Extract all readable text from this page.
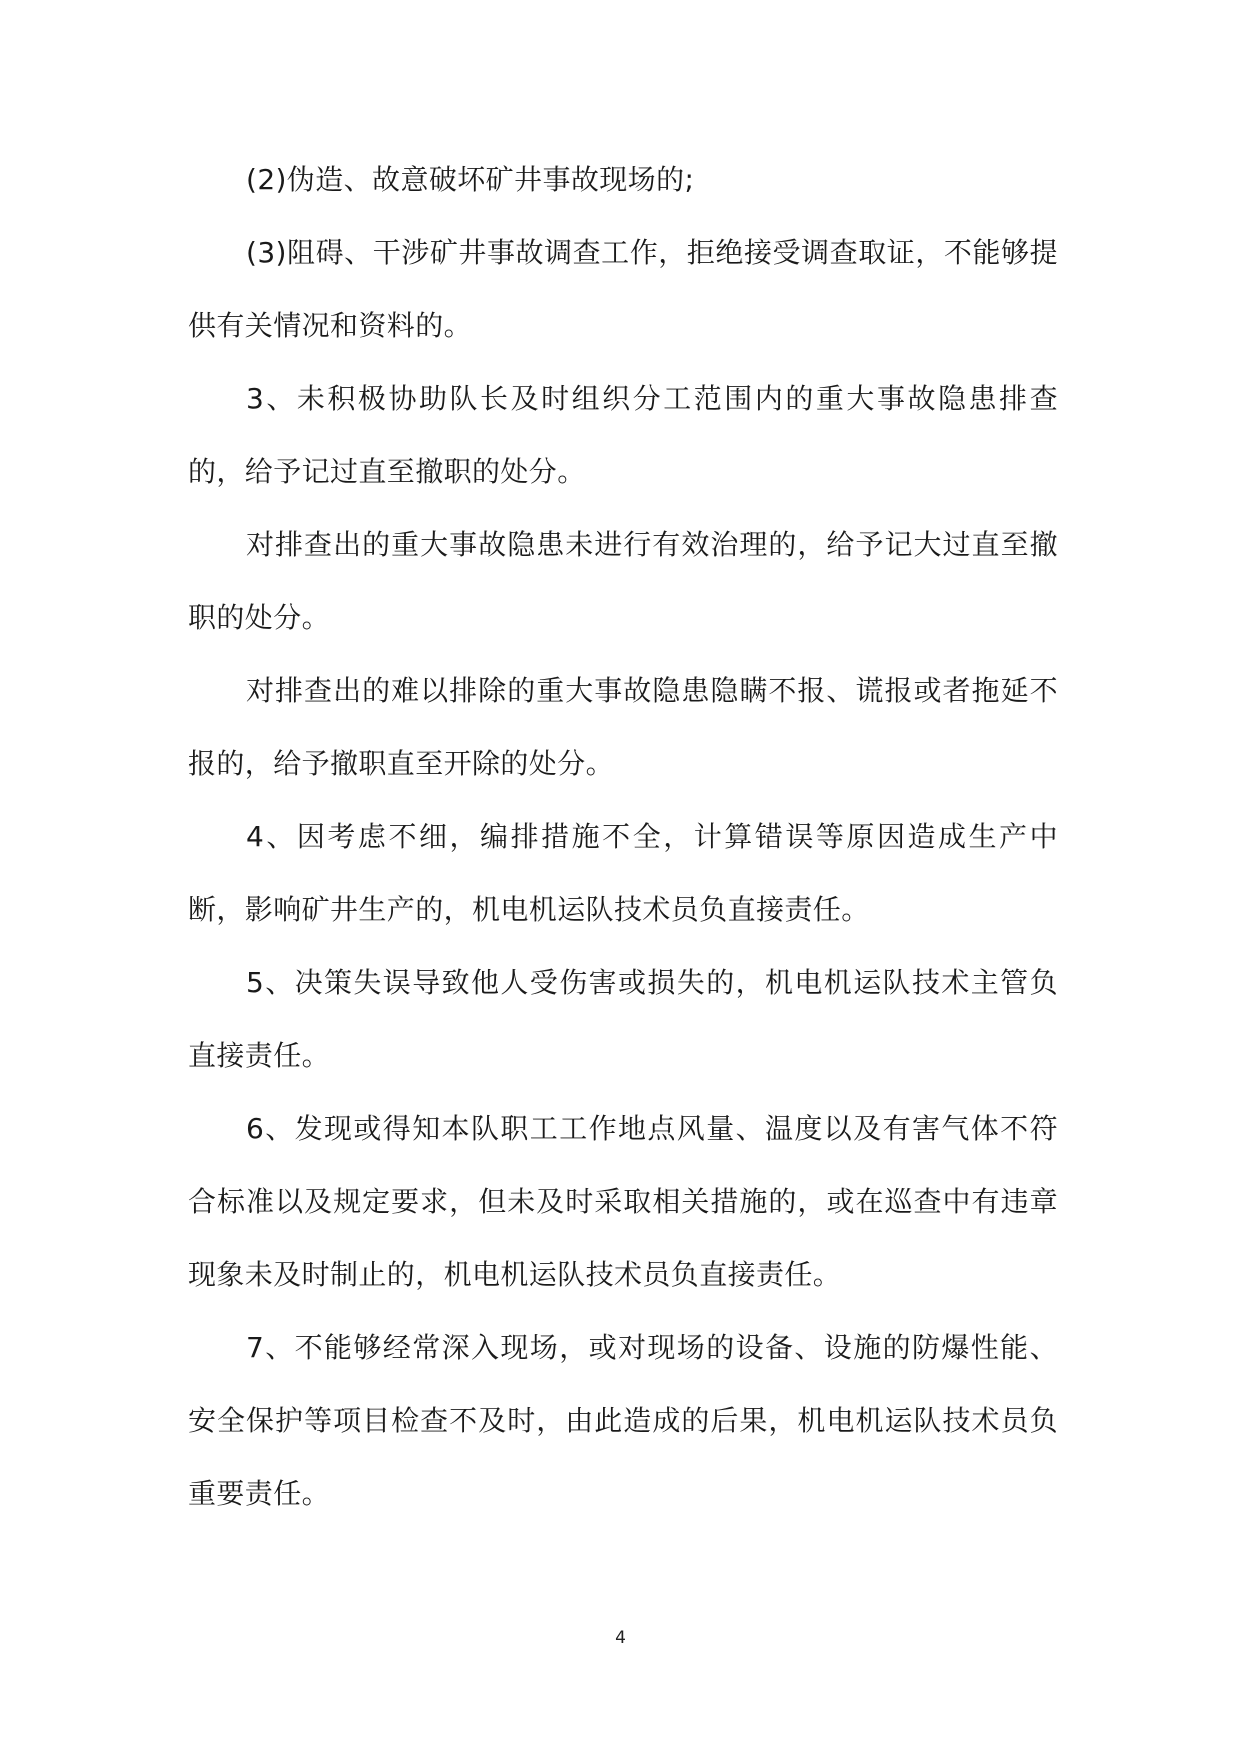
(2)伪造、故意破坏矿井事故现场的;

(3)阻碍、干涉矿井事故调查工作，拒绝接受调查取证，不能够提供有关情况和资料的。

3、未积极协助队长及时组织分工范围内的重大事故隐患排查的，给予记过直至撤职的处分。

对排查出的重大事故隐患未进行有效治理的，给予记大过直至撤职的处分。

对排查出的难以排除的重大事故隐患隐瞒不报、谎报或者拖延不报的，给予撤职直至开除的处分。

4、因考虑不细，编排措施不全，计算错误等原因造成生产中断，影响矿井生产的，机电机运队技术员负直接责任。

5、决策失误导致他人受伤害或损失的，机电机运队技术主管负直接责任。

6、发现或得知本队职工工作地点风量、温度以及有害气体不符合标准以及规定要求，但未及时采取相关措施的，或在巡查中有违章现象未及时制止的，机电机运队技术员负直接责任。

7、不能够经常深入现场，或对现场的设备、设施的防爆性能、安全保护等项目检查不及时，由此造成的后果，机电机运队技术员负重要责任。

4
